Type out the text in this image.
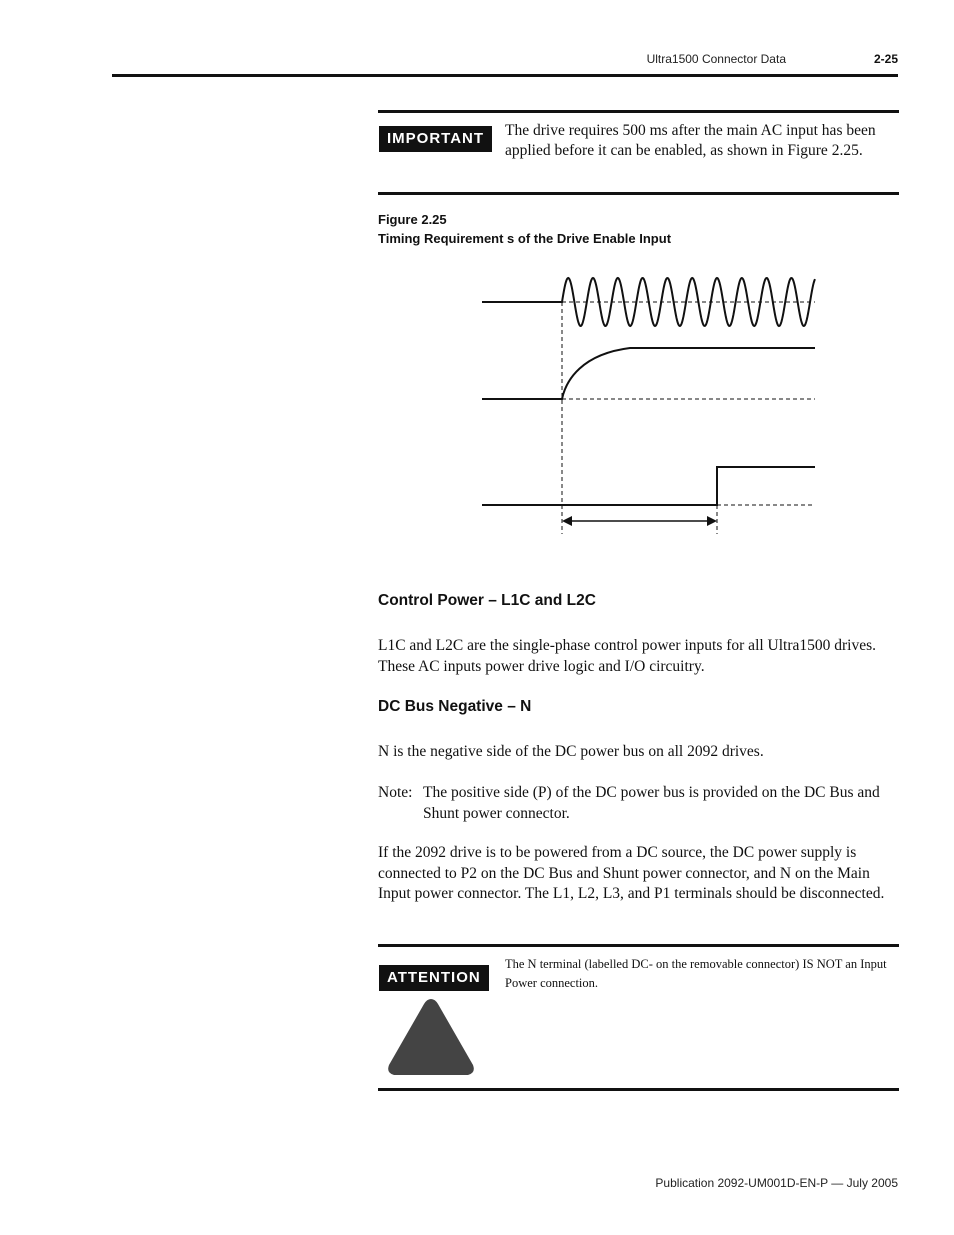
Ultra1500 Connector Data	2-25
IMPORTANT	The drive requires 500 ms after the main AC input has been applied before it can be enabled, as shown in Figure 2.25.
Figure 2.25
Timing Requirement s of the Drive Enable Input
Control Power – L1C and L2C
L1C and L2C are the single-phase control power inputs for all Ultra1500 drives. These AC inputs power drive logic and I/O circuitry.
DC Bus Negative – N
N is the negative side of the DC power bus on all 2092 drives.
Note: The positive side (P) of the DC power bus is provided on the DC Bus and Shunt power connector.
If the 2092 drive is to be powered from a DC source, the DC power supply is connected to P2 on the DC Bus and Shunt power connector, and N on the Main Input power connector. The L1, L2, L3, and P1 terminals should be disconnected.
ATTENTION
The N terminal (labelled DC- on the removable connector) IS NOT an Input Power connection.
Publication 2092-UM001D-EN-P — July 2005
